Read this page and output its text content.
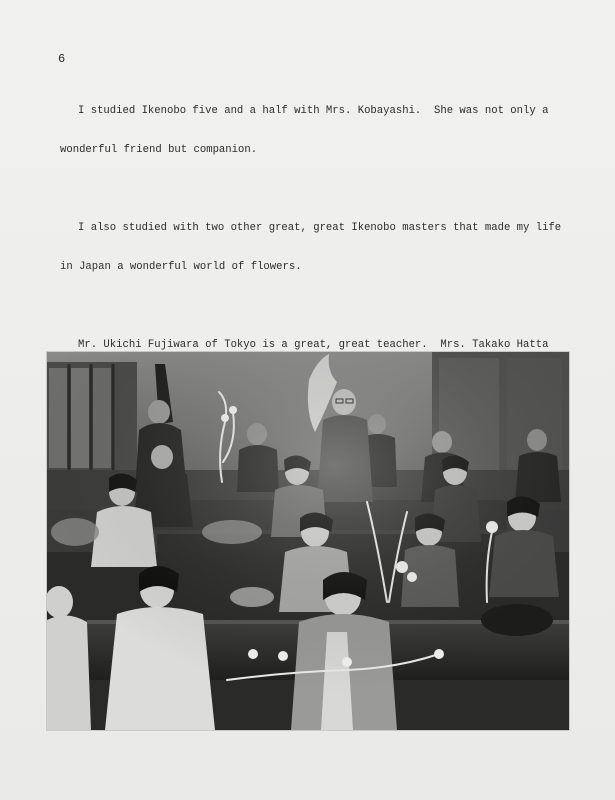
6

I studied Ikenobo five and a half with Mrs. Kobayashi.  She was not only a

wonderful friend but companion.

I also studied with two other great, great Ikenobo masters that made my life

in Japan a wonderful world of flowers.

Mr. Ukichi Fujiwara of Tokyo is a great, great teacher.  Mrs. Takako Hatta
